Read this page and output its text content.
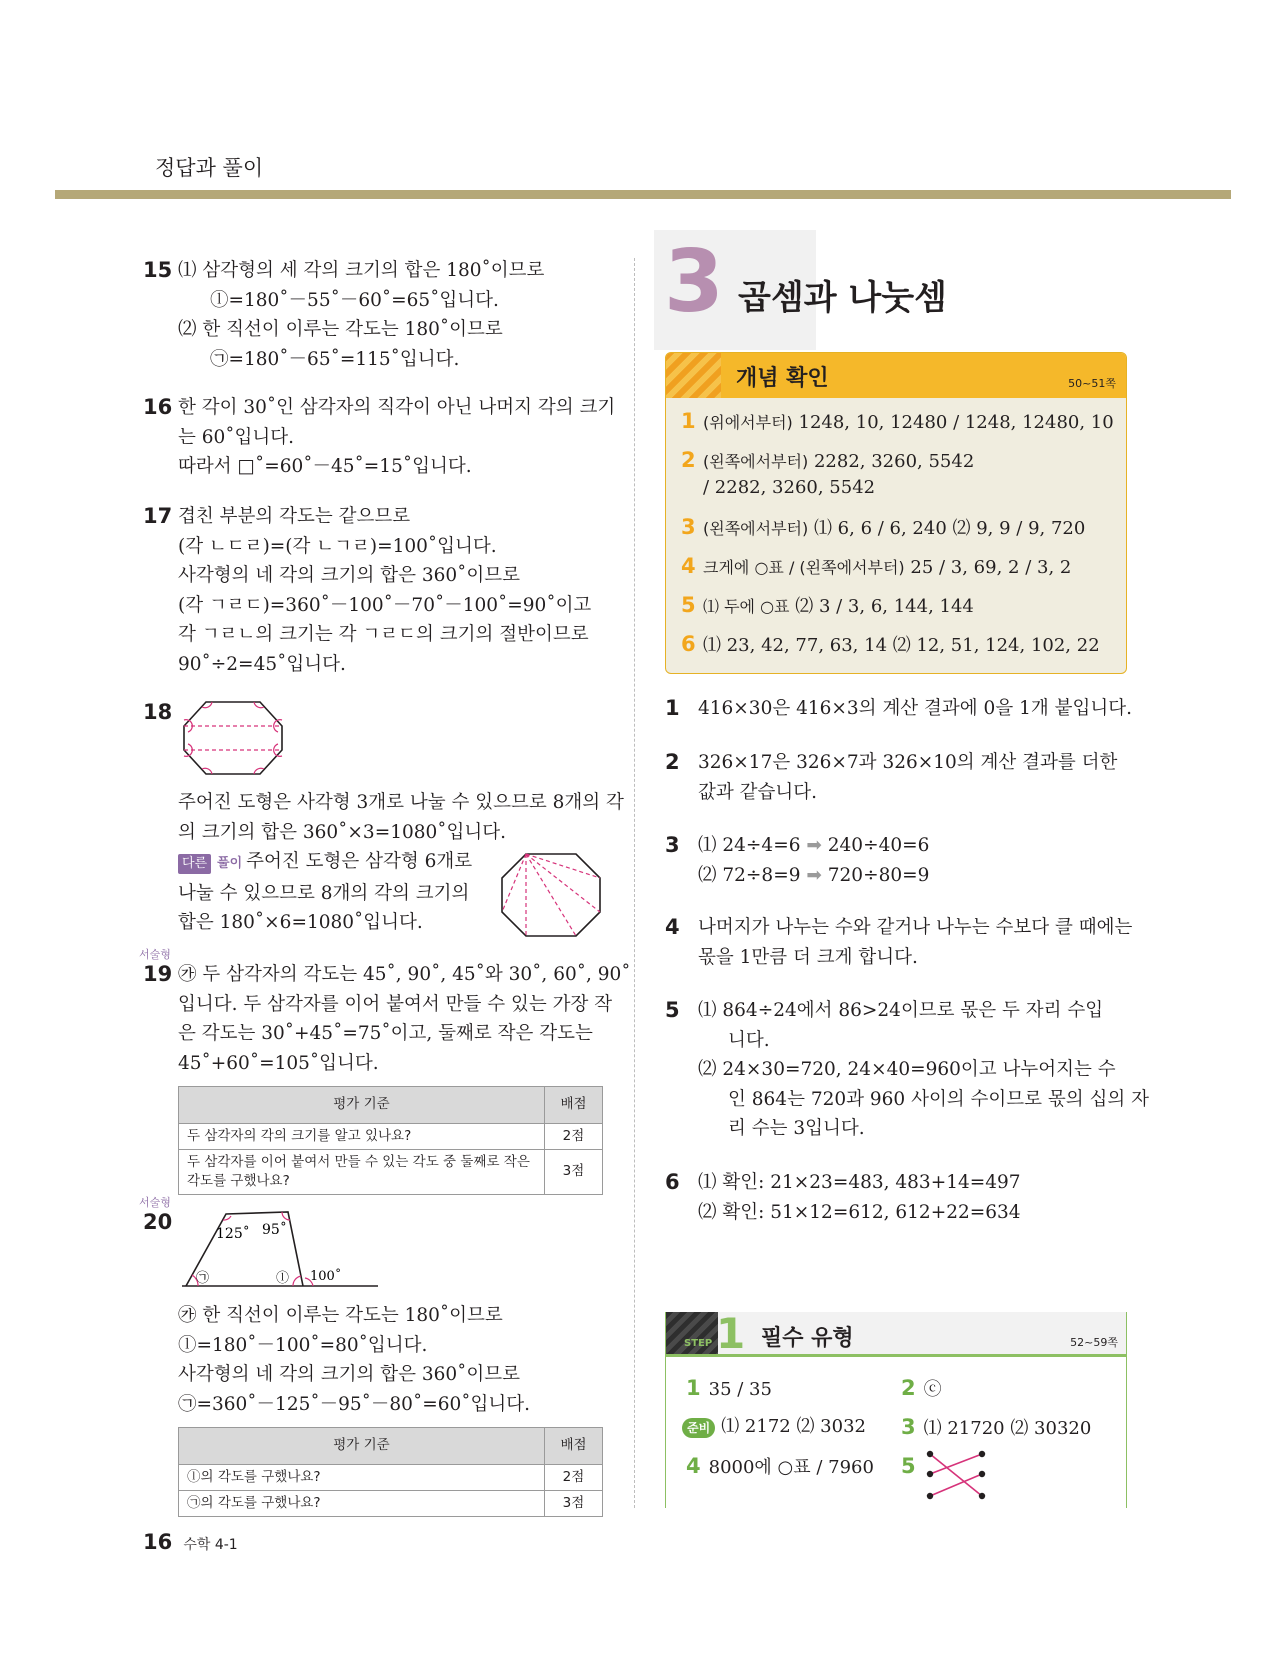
정답과 풀이
15 ⑴ 삼각형의 세 각의 크기의 합은 180˚이므로
ⓛ=180˚－55˚－60˚=65˚입니다.
⑵ 한 직선이 이루는 각도는 180˚이므로
㉠=180˚－65˚=115˚입니다.
16 한 각이 30˚인 삼각자의 직각이 아닌 나머지 각의 크기
는 60˚입니다.
따라서 □˚=60˚－45˚=15˚입니다.
17 겹친 부분의 각도는 같으므로
(각 ㄴㄷㄹ)=(각 ㄴㄱㄹ)=100˚입니다.
사각형의 네 각의 크기의 합은 360˚이므로
(각 ㄱㄹㄷ)=360˚－100˚－70˚－100˚=90˚이고
각 ㄱㄹㄴ의 크기는 각 ㄱㄹㄷ의 크기의 절반이므로
90˚÷2=45˚입니다.
18
주어진 도형은 사각형 3개로 나눌 수 있으므로 8개의 각
의 크기의 합은 360˚×3=1080˚입니다.
다른 풀이 주어진 도형은 삼각형 6개로
나눌 수 있으므로 8개의 각의 크기의
합은 180˚×6=1080˚입니다.
서술형
19 ㉮ 두 삼각자의 각도는 45˚, 90˚, 45˚와 30˚, 60˚, 90˚
입니다. 두 삼각자를 이어 붙여서 만들 수 있는 가장 작
은 각도는 30˚+45˚=75˚이고, 둘째로 작은 각도는
45˚+60˚=105˚입니다.
평가 기준	배점
두 삼각자의 각의 크기를 알고 있나요?	2점
두 삼각자를 이어 붙여서 만들 수 있는 각도 중 둘째로 작은 각도를 구했나요?	3점
서술형
20	125˚ 95˚
100˚
㉠	ⓛ
㉮ 한 직선이 이루는 각도는 180˚이므로
ⓛ=180˚－100˚=80˚입니다.
사각형의 네 각의 크기의 합은 360˚이므로
㉠=360˚－125˚－95˚－80˚=60˚입니다.
평가 기준	배점
ⓛ의 각도를 구했나요?	2점
㉠의 각도를 구했나요?	3점
3 곱셈과 나눗셈
개념 확인	50~51쪽
1 (위에서부터) 1248, 10, 12480 / 1248, 12480, 10
2 (왼쪽에서부터) 2282, 3260, 5542
/ 2282, 3260, 5542
3 (왼쪽에서부터) ⑴ 6, 6 / 6, 240 ⑵ 9, 9 / 9, 720
4 크게에 ○표 / (왼쪽에서부터) 25 / 3, 69, 2 / 3, 2
5 ⑴ 두에 ○표 ⑵ 3 / 3, 6, 144, 144
6 ⑴ 23, 42, 77, 63, 14 ⑵ 12, 51, 124, 102, 22
1 416×30은 416×3의 계산 결과에 0을 1개 붙입니다.
2 326×17은 326×7과 326×10의 계산 결과를 더한
값과 같습니다.
3 ⑴ 24÷4=6 ➡ 240÷40=6
⑵ 72÷8=9 ➡ 720÷80=9
4 나머지가 나누는 수와 같거나 나누는 수보다 클 때에는
몫을 1만큼 더 크게 합니다.
5 ⑴ 864÷24에서 86>24이므로 몫은 두 자리 수입
니다.
⑵ 24×30=720, 24×40=960이고 나누어지는 수
인 864는 720과 960 사이의 수이므로 몫의 십의 자
리 수는 3입니다.
6 ⑴ 확인: 21×23=483, 483+14=497
⑵ 확인: 51×12=612, 612+22=634
STEP 1 필수 유형	52~59쪽
1 35 / 35	2 ⓒ
준비 ⑴ 2172 ⑵ 3032 3 ⑴ 21720 ⑵ 30320
4 8000에 ○표 / 7960 5
16 수학 4-1
